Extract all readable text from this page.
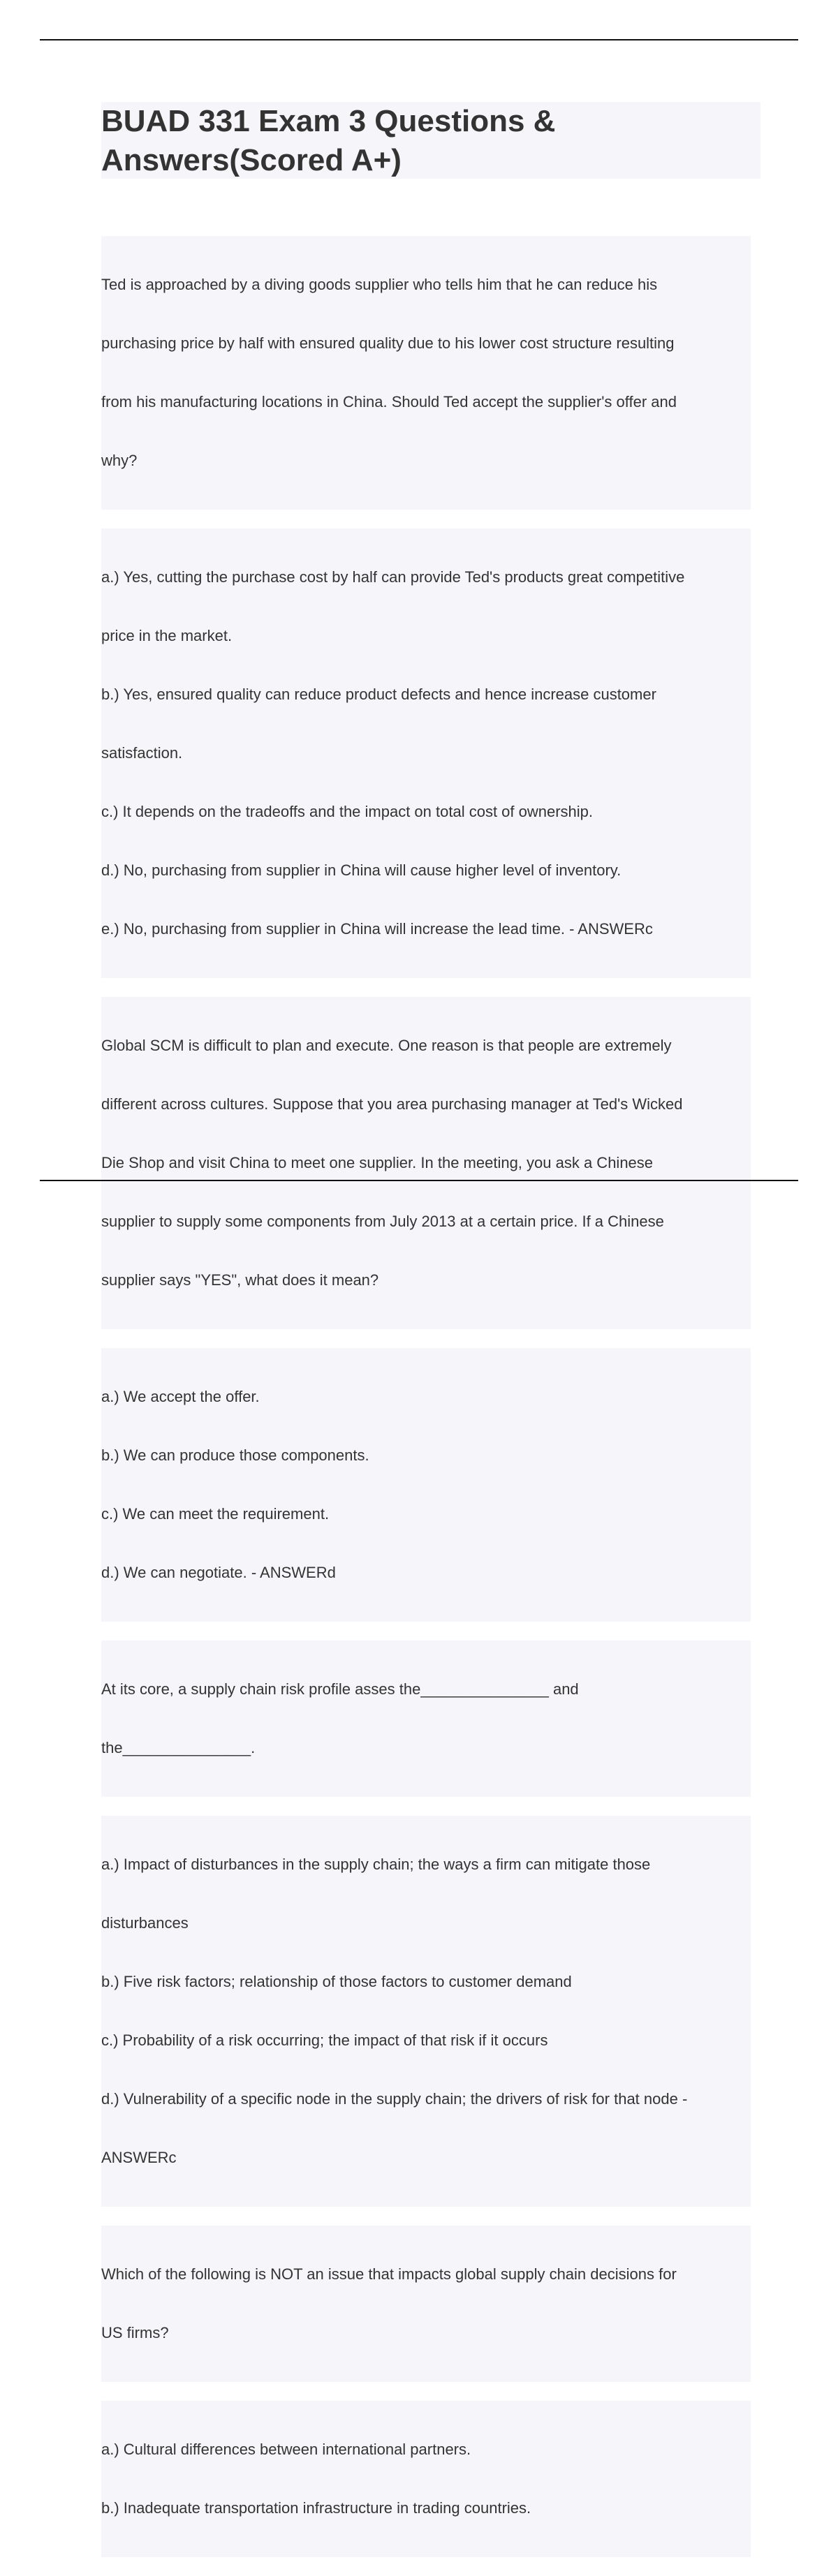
BUAD 331 Exam 3 Questions &
Answers(Scored A+)

Ted is approached by a diving goods supplier who tells him that he can reduce his

purchasing price by half with ensured quality due to his lower cost structure resulting

from his manufacturing locations in China. Should Ted accept the supplier's offer and

why?

a.) Yes, cutting the purchase cost by half can provide Ted's products great competitive

price in the market.

b.) Yes, ensured quality can reduce product defects and hence increase customer

satisfaction.

c.) It depends on the tradeoffs and the impact on total cost of ownership.

d.) No, purchasing from supplier in China will cause higher level of inventory.

e.) No, purchasing from supplier in China will increase the lead time. - ANSWERc

Global SCM is difficult to plan and execute. One reason is that people are extremely

different across cultures. Suppose that you area purchasing manager at Ted's Wicked

Die Shop and visit China to meet one supplier. In the meeting, you ask a Chinese

supplier to supply some components from July 2013 at a certain price. If a Chinese

supplier says "YES", what does it mean?

a.) We accept the offer.

b.) We can produce those components.

c.) We can meet the requirement.

d.) We can negotiate. - ANSWERd

At its core, a supply chain risk profile asses the_______________ and

the_______________.

a.) Impact of disturbances in the supply chain; the ways a firm can mitigate those

disturbances

b.) Five risk factors; relationship of those factors to customer demand

c.) Probability of a risk occurring; the impact of that risk if it occurs

d.) Vulnerability of a specific node in the supply chain; the drivers of risk for that node -

ANSWERc

Which of the following is NOT an issue that impacts global supply chain decisions for

US firms?

a.) Cultural differences between international partners.

b.) Inadequate transportation infrastructure in trading countries.
